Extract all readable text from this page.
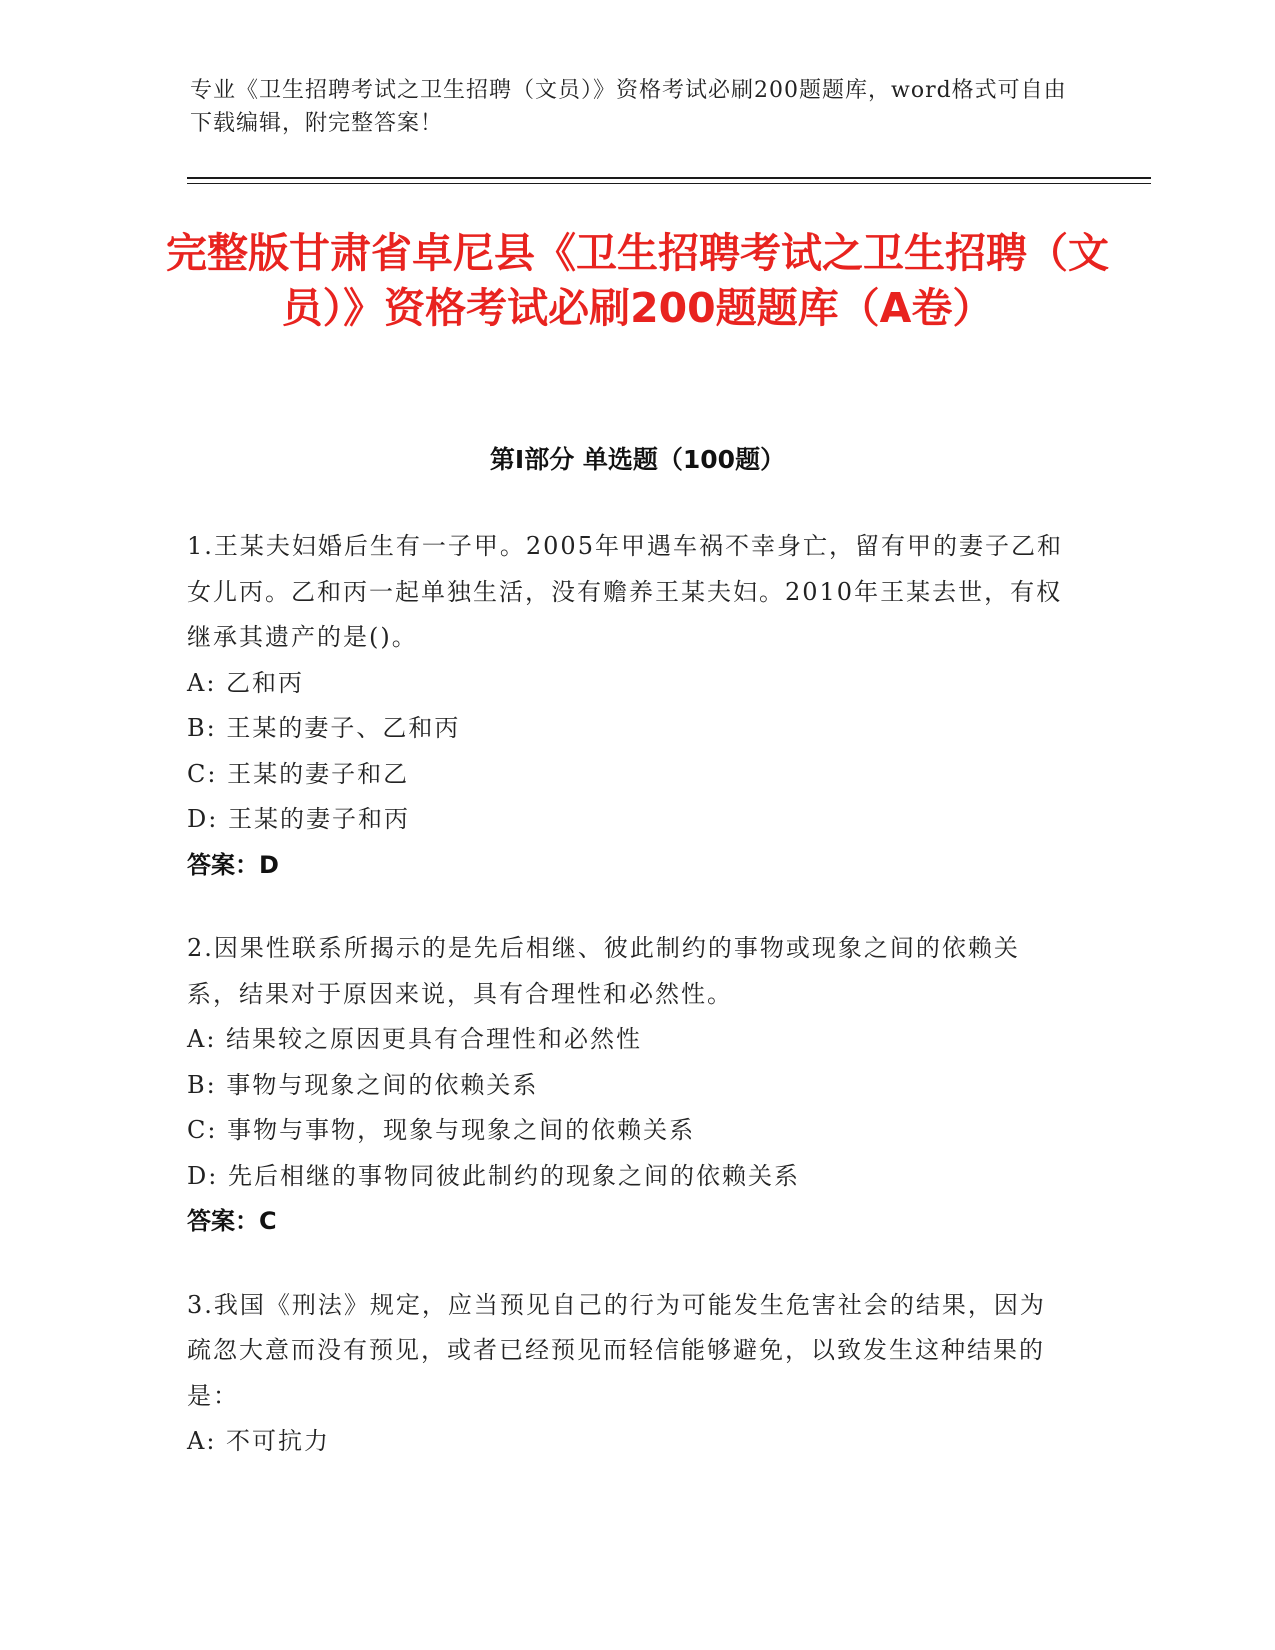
专业《卫生招聘考试之卫生招聘（文员）》资格考试必刷200题题库，word格式可自由下载编辑，附完整答案！
完整版甘肃省卓尼县《卫生招聘考试之卫生招聘（文员）》资格考试必刷200题题库（A卷）
第Ⅰ部分 单选题（100题）
1.王某夫妇婚后生有一子甲。2005年甲遇车祸不幸身亡，留有甲的妻子乙和女儿丙。乙和丙一起单独生活，没有赡养王某夫妇。2010年王某去世，有权继承其遗产的是()。
A: 乙和丙
B: 王某的妻子、乙和丙
C: 王某的妻子和乙
D: 王某的妻子和丙
答案：D
2.因果性联系所揭示的是先后相继、彼此制约的事物或现象之间的依赖关系，结果对于原因来说，具有合理性和必然性。
A: 结果较之原因更具有合理性和必然性
B: 事物与现象之间的依赖关系
C: 事物与事物，现象与现象之间的依赖关系
D: 先后相继的事物同彼此制约的现象之间的依赖关系
答案：C
3.我国《刑法》规定，应当预见自己的行为可能发生危害社会的结果，因为疏忽大意而没有预见，或者已经预见而轻信能够避免，以致发生这种结果的是：
A: 不可抗力
